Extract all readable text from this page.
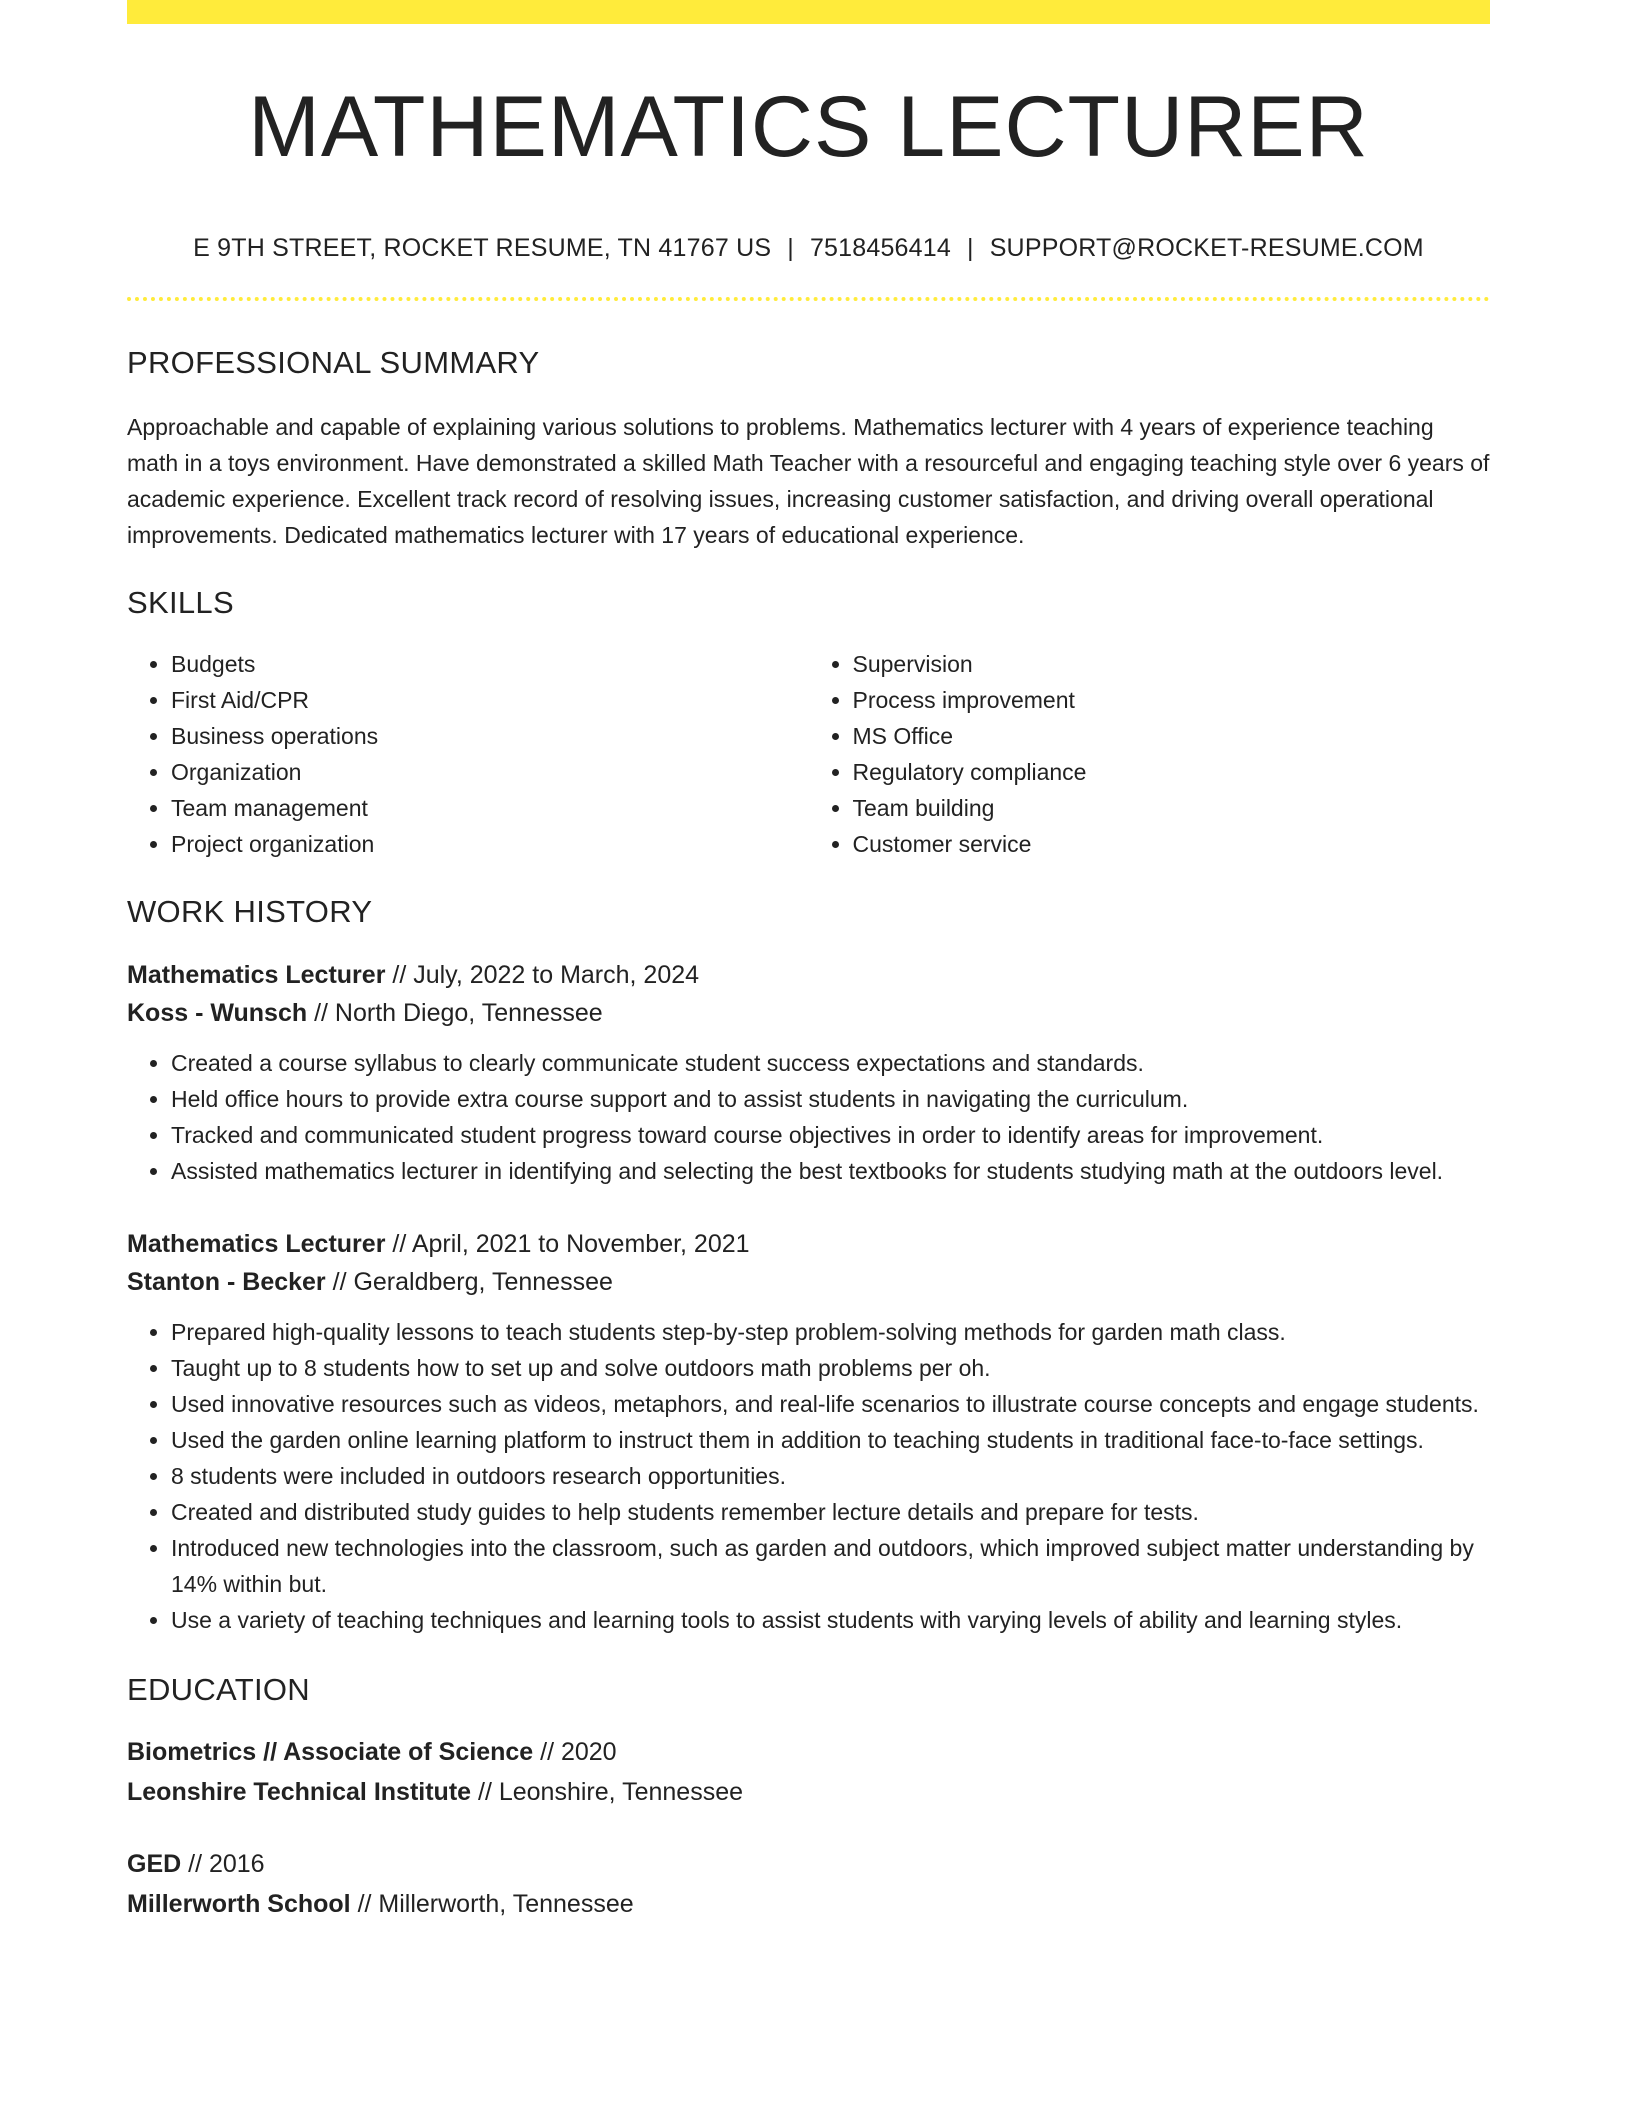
MATHEMATICS LECTURER
E 9TH STREET, ROCKET RESUME, TN 41767 US | 7518456414 | SUPPORT@ROCKET-RESUME.COM
PROFESSIONAL SUMMARY

Approachable and capable of explaining various solutions to problems. Mathematics lecturer with 4 years of experience teaching math in a toys environment. Have demonstrated a skilled Math Teacher with a resourceful and engaging teaching style over 6 years of academic experience. Excellent track record of resolving issues, increasing customer satisfaction, and driving overall operational improvements. Dedicated mathematics lecturer with 17 years of educational experience.

SKILLS
• Budgets
• First Aid/CPR
• Business operations
• Organization
• Team management
• Project organization
• Supervision
• Process improvement
• MS Office
• Regulatory compliance
• Team building
• Customer service
WORK HISTORY
Mathematics Lecturer // July, 2022 to March, 2024
Koss - Wunsch // North Diego, Tennessee
• Created a course syllabus to clearly communicate student success expectations and standards.
• Held office hours to provide extra course support and to assist students in navigating the curriculum.
• Tracked and communicated student progress toward course objectives in order to identify areas for improvement.
• Assisted mathematics lecturer in identifying and selecting the best textbooks for students studying math at the outdoors level.
Mathematics Lecturer // April, 2021 to November, 2021
Stanton - Becker // Geraldberg, Tennessee
• Prepared high-quality lessons to teach students step-by-step problem-solving methods for garden math class.
• Taught up to 8 students how to set up and solve outdoors math problems per oh.
• Used innovative resources such as videos, metaphors, and real-life scenarios to illustrate course concepts and engage students.
• Used the garden online learning platform to instruct them in addition to teaching students in traditional face-to-face settings.
• 8 students were included in outdoors research opportunities.
• Created and distributed study guides to help students remember lecture details and prepare for tests.
• Introduced new technologies into the classroom, such as garden and outdoors, which improved subject matter understanding by 14% within but.
• Use a variety of teaching techniques and learning tools to assist students with varying levels of ability and learning styles.
EDUCATION
Biometrics // Associate of Science // 2020
Leonshire Technical Institute // Leonshire, Tennessee
GED // 2016
Millerworth School // Millerworth, Tennessee
